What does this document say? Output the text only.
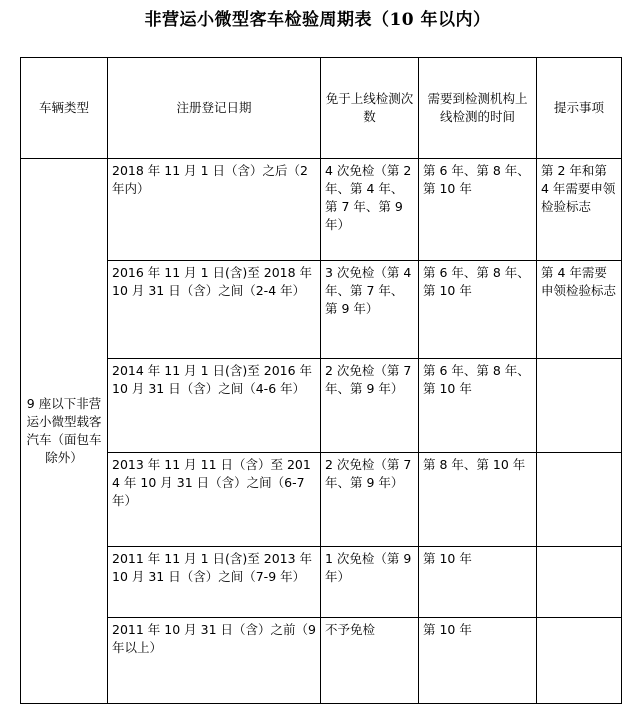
非营运小微型客车检验周期表（10 年以内）
车辆类型	注册登记日期	免于上线检测次数	需要到检测机构上线检测的时间	提示事项
9 座以下非营运小微型载客汽车（面包车除外）	2018 年 11 月 1 日（含）之后（2 年内）	4 次免检（第 2 年、第 4 年、第 7 年、第 9 年）	第 6 年、第 8 年、第 10 年	第 2 年和第 4 年需要申领检验标志
	2016 年 11 月 1 日(含)至 2018 年 10 月 31 日（含）之间（2-4 年）	3 次免检（第 4 年、第 7 年、第 9 年）	第 6 年、第 8 年、第 10 年	第 4 年需要申领检验标志
	2014 年 11 月 1 日(含)至 2016 年 10 月 31 日（含）之间（4-6 年）	2 次免检（第 7 年、第 9 年）	第 6 年、第 8 年、第 10 年	
	2013 年 11 月 11 日（含）至 2014 年 10 月 31 日（含）之间（6-7 年）	2 次免检（第 7 年、第 9 年）	第 8 年、第 10 年	
	2011 年 11 月 1 日(含)至 2013 年 10 月 31 日（含）之间（7-9 年）	1 次免检（第 9 年）	第 10 年	
	2011 年 10 月 31 日（含）之前（9 年以上）	不予免检	第 10 年	
